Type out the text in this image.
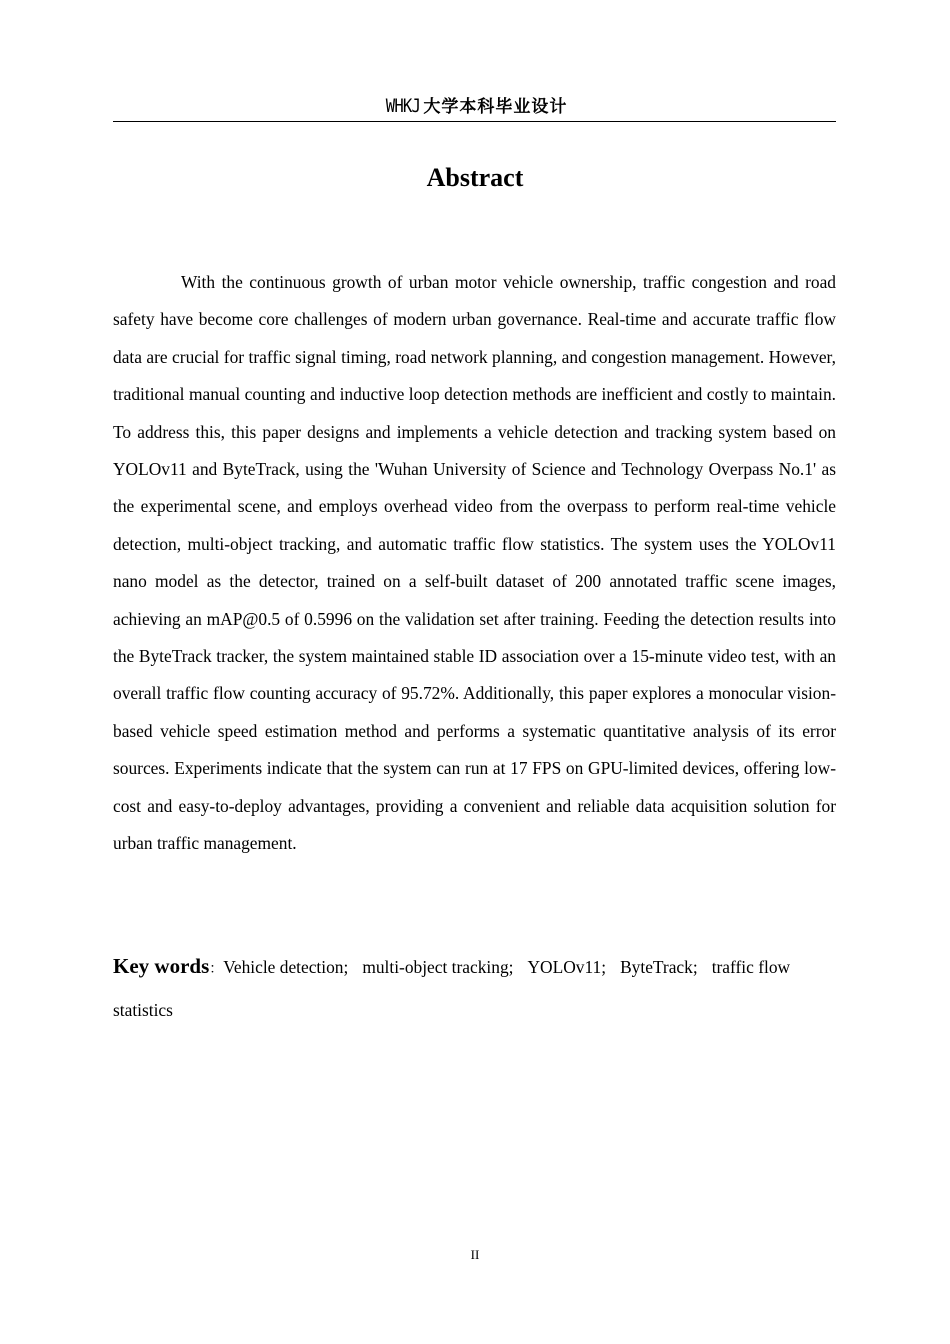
WHKJ 大学本科毕业设计
Abstract

With the continuous growth of urban motor vehicle ownership, traffic congestion and road safety have become core challenges of modern urban governance. Real-time and accurate traffic flow data are crucial for traffic signal timing, road network planning, and congestion management. However, traditional manual counting and inductive loop detection methods are inefficient and costly to maintain. To address this, this paper designs and implements a vehicle detection and tracking system based on YOLOv11 and ByteTrack, using the 'Wuhan University of Science and Technology Overpass No.1' as the experimental scene, and employs overhead video from the overpass to perform real-time vehicle detection, multi-object tracking, and automatic traffic flow statistics. The system uses the YOLOv11 nano model as the detector, trained on a self-built dataset of 200 annotated traffic scene images, achieving an mAP@0.5 of 0.5996 on the validation set after training. Feeding the detection results into the ByteTrack tracker, the system maintained stable ID association over a 15-minute video test, with an overall traffic flow counting accuracy of 95.72%. Additionally, this paper explores a monocular vision-based vehicle speed estimation method and performs a systematic quantitative analysis of its error sources. Experiments indicate that the system can run at 17 FPS on GPU-limited devices, offering low-cost and easy-to-deploy advantages, providing a convenient and reliable data acquisition solution for urban traffic management.

Key words：Vehicle detection; multi-object tracking; YOLOv11; ByteTrack; traffic flow statistics

II
